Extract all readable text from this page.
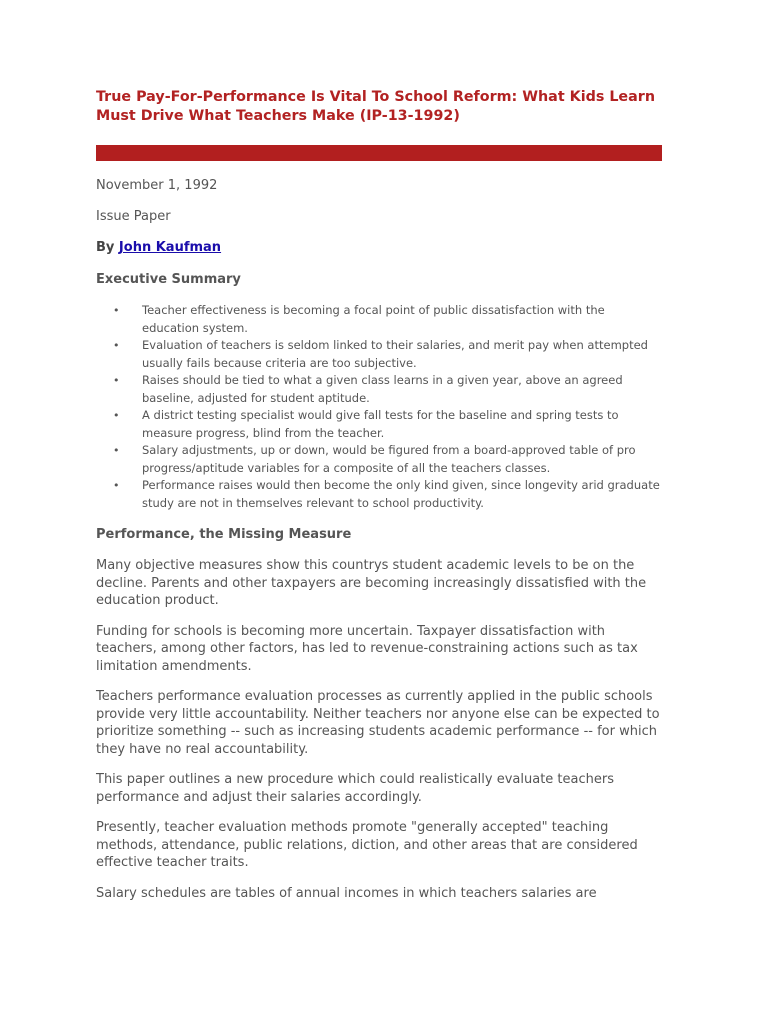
True Pay-For-Performance Is Vital To School Reform: What Kids Learn Must Drive What Teachers Make (IP-13-1992)

November 1, 1992

Issue Paper

By John Kaufman

Executive Summary
• Teacher effectiveness is becoming a focal point of public dissatisfaction with the education system.
• Evaluation of teachers is seldom linked to their salaries, and merit pay when attempted usually fails because criteria are too subjective.
• Raises should be tied to what a given class learns in a given year, above an agreed baseline, adjusted for student aptitude.
• A district testing specialist would give fall tests for the baseline and spring tests to measure progress, blind from the teacher.
• Salary adjustments, up or down, would be figured from a board-approved table of pro progress/aptitude variables for a composite of all the teachers classes.
• Performance raises would then become the only kind given, since longevity arid graduate study are not in themselves relevant to school productivity.
Performance, the Missing Measure

Many objective measures show this countrys student academic levels to be on the decline. Parents and other taxpayers are becoming increasingly dissatisfied with the education product.

Funding for schools is becoming more uncertain. Taxpayer dissatisfaction with teachers, among other factors, has led to revenue-constraining actions such as tax limitation amendments.

Teachers performance evaluation processes as currently applied in the public schools provide very little accountability. Neither teachers nor anyone else can be expected to prioritize something -- such as increasing students academic performance -- for which they have no real accountability.

This paper outlines a new procedure which could realistically evaluate teachers performance and adjust their salaries accordingly.

Presently, teacher evaluation methods promote "generally accepted" teaching methods, attendance, public relations, diction, and other areas that are considered effective teacher traits.

Salary schedules are tables of annual incomes in which teachers salaries are
